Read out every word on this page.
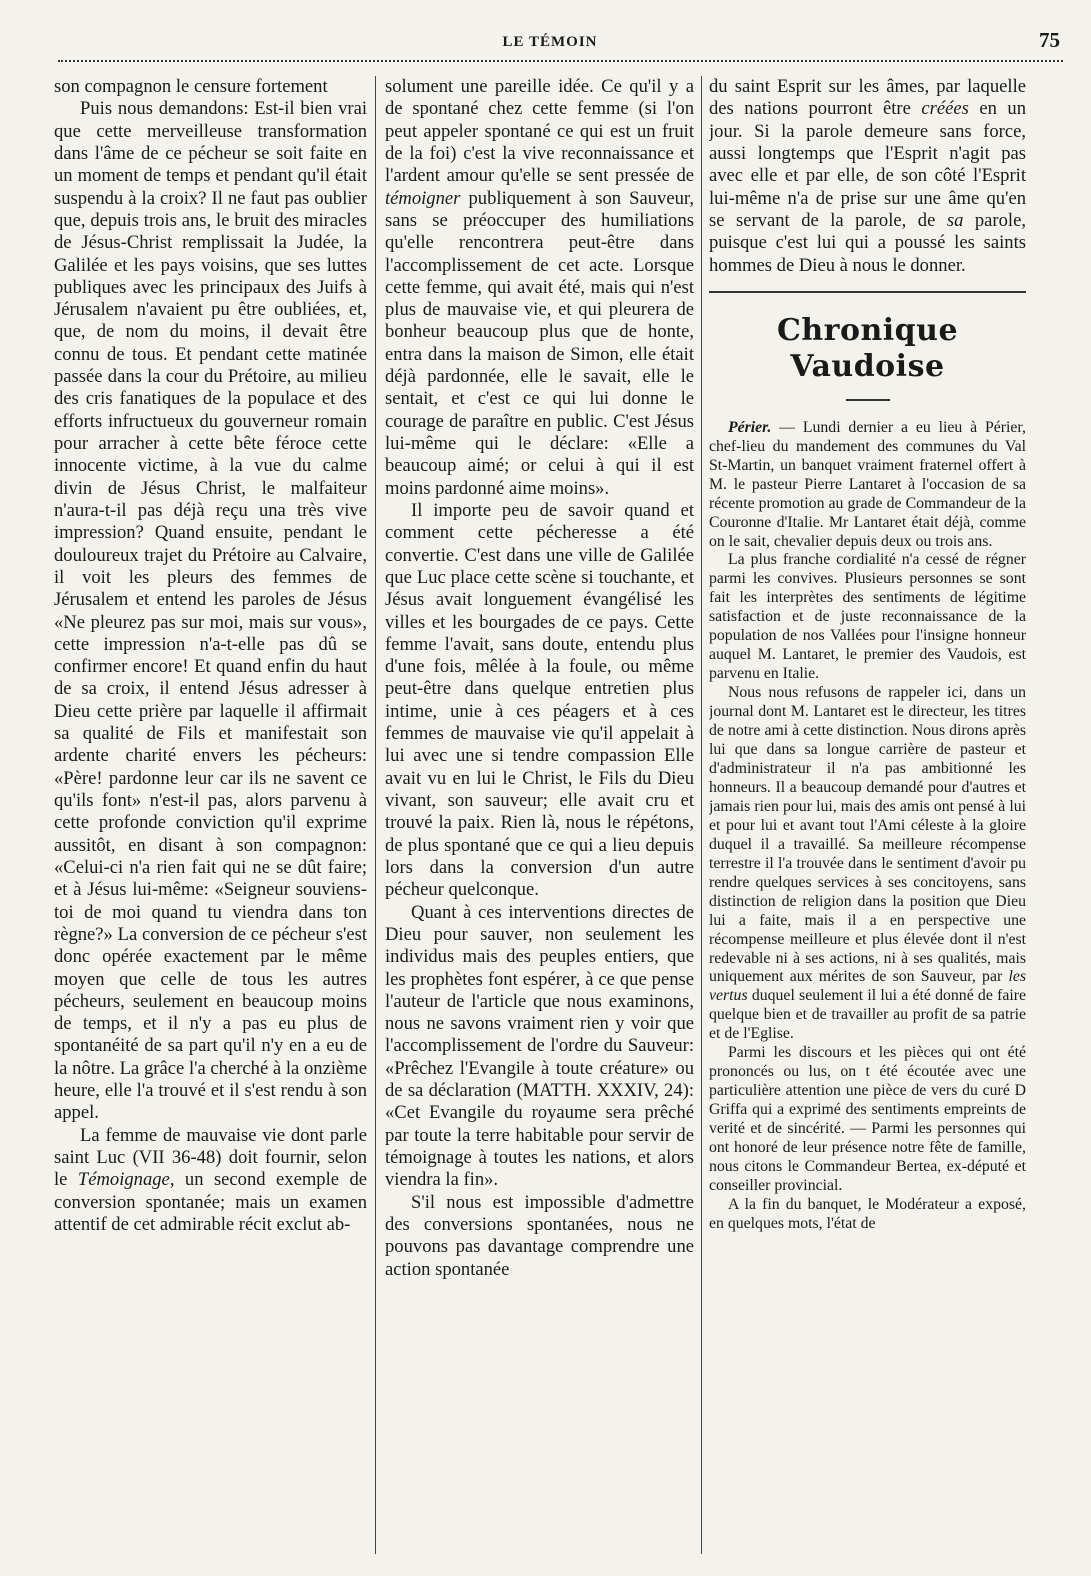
LE TÉMOIN	75

son compagnon le censure fortement

Puis nous demandons: Est-il bien vrai que cette merveilleuse transformation dans l'âme de ce pécheur se soit faite en un moment de temps et pendant qu'il était suspendu à la croix? Il ne faut pas oublier que, depuis trois ans, le bruit des miracles de Jésus-Christ remplissait la Judée, la Galilée et les pays voisins, que ses luttes publiques avec les principaux des Juifs à Jérusalem n'avaient pu être oubliées, et, que, de nom du moins, il devait être connu de tous. Et pendant cette matinée passée dans la cour du Prétoire, au milieu des cris fanatiques de la populace et des efforts infructueux du gouverneur romain pour arracher à cette bête féroce cette innocente victime, à la vue du calme divin de Jésus Christ, le malfaiteur n'aura-t-il pas déjà reçu una très vive impression? Quand ensuite, pendant le douloureux trajet du Prétoire au Calvaire, il voit les pleurs des femmes de Jérusalem et entend les paroles de Jésus «Ne pleurez pas sur moi, mais sur vous», cette impression n'a-t-elle pas dû se confirmer encore! Et quand enfin du haut de sa croix, il entend Jésus adresser à Dieu cette prière par laquelle il affirmait sa qualité de Fils et manifestait son ardente charité envers les pécheurs: «Père! pardonne leur car ils ne savent ce qu'ils font» n'est-il pas, alors parvenu à cette profonde conviction qu'il exprime aussitôt, en disant à son compagnon: «Celui-ci n'a rien fait qui ne se dût faire; et à Jésus lui-même: «Seigneur souviens-toi de moi quand tu viendra dans ton règne?» La conversion de ce pécheur s'est donc opérée exactement par le même moyen que celle de tous les autres pécheurs, seulement en beaucoup moins de temps, et il n'y a pas eu plus de spontanéité de sa part qu'il n'y en a eu de la nôtre. La grâce l'a cherché à la onzième heure, elle l'a trouvé et il s'est rendu à son appel.

La femme de mauvaise vie dont parle saint Luc (VII 36-48) doit fournir, selon le Témoignage, un second exemple de conversion spontanée; mais un examen attentif de cet admirable récit exclut ab-

solument une pareille idée. Ce qu'il y a de spontané chez cette femme (si l'on peut appeler spontané ce qui est un fruit de la foi) c'est la vive reconnaissance et l'ardent amour qu'elle se sent pressée de témoigner publiquement à son Sauveur, sans se préoccuper des humiliations qu'elle rencontrera peut-être dans l'accomplissement de cet acte. Lorsque cette femme, qui avait été, mais qui n'est plus de mauvaise vie, et qui pleurera de bonheur beaucoup plus que de honte, entra dans la maison de Simon, elle était déjà pardonnée, elle le savait, elle le sentait, et c'est ce qui lui donne le courage de paraître en public. C'est Jésus lui-même qui le déclare: «Elle a beaucoup aimé; or celui à qui il est moins pardonné aime moins».

Il importe peu de savoir quand et comment cette pécheresse a été convertie. C'est dans une ville de Galilée que Luc place cette scène si touchante, et Jésus avait longuement évangélisé les villes et les bourgades de ce pays. Cette femme l'avait, sans doute, entendu plus d'une fois, mêlée à la foule, ou même peut-être dans quelque entretien plus intime, unie à ces péagers et à ces femmes de mauvaise vie qu'il appelait à lui avec une si tendre compassion Elle avait vu en lui le Christ, le Fils du Dieu vivant, son sauveur; elle avait cru et trouvé la paix. Rien là, nous le répétons, de plus spontané que ce qui a lieu depuis lors dans la conversion d'un autre pécheur quelconque.

Quant à ces interventions directes de Dieu pour sauver, non seulement les individus mais des peuples entiers, que les prophètes font espérer, à ce que pense l'auteur de l'article que nous examinons, nous ne savons vraiment rien y voir que l'accomplissement de l'ordre du Sauveur: «Prêchez l'Evangile à toute créature» ou de sa déclaration (MATTH. XXXIV, 24): «Cet Evangile du royaume sera prêché par toute la terre habitable pour servir de témoignage à toutes les nations, et alors viendra la fin».

S'il nous est impossible d'admettre des conversions spontanées, nous ne pouvons pas davantage comprendre une action spontanée

du saint Esprit sur les âmes, par laquelle des nations pourront être créées en un jour. Si la parole demeure sans force, aussi longtemps que l'Esprit n'agit pas avec elle et par elle, de son côté l'Esprit lui-même n'a de prise sur une âme qu'en se servant de la parole, de sa parole, puisque c'est lui qui a poussé les saints hommes de Dieu à nous le donner.

Chronique Vaudoise

Périer. — Lundi dernier a eu lieu à Périer, chef-lieu du mandement des communes du Val St-Martin, un banquet vraiment fraternel offert à M. le pasteur Pierre Lantaret à l'occasion de sa récente promotion au grade de Commandeur de la Couronne d'Italie. Mr Lantaret était déjà, comme on le sait, chevalier depuis deux ou trois ans.

La plus franche cordialité n'a cessé de régner parmi les convives. Plusieurs personnes se sont fait les interprètes des sentiments de légitime satisfaction et de juste reconnaissance de la population de nos Vallées pour l'insigne honneur auquel M. Lantaret, le premier des Vaudois, est parvenu en Italie.

Nous nous refusons de rappeler ici, dans un journal dont M. Lantaret est le directeur, les titres de notre ami à cette distinction. Nous dirons après lui que dans sa longue carrière de pasteur et d'administrateur il n'a pas ambitionné les honneurs. Il a beaucoup demandé pour d'autres et jamais rien pour lui, mais des amis ont pensé à lui et pour lui et avant tout l'Ami céleste à la gloire duquel il a travaillé. Sa meilleure récompense terrestre il l'a trouvée dans le sentiment d'avoir pu rendre quelques services à ses concitoyens, sans distinction de religion dans la position que Dieu lui a faite, mais il a en perspective une récompense meilleure et plus élevée dont il n'est redevable ni à ses actions, ni à ses qualités, mais uniquement aux mérites de son Sauveur, par les vertus duquel seulement il lui a été donné de faire quelque bien et de travailler au profit de sa patrie et de l'Eglise.

Parmi les discours et les pièces qui ont été prononcés ou lus, on t été écoutée avec une particulière attention une pièce de vers du curé D Griffa qui a exprimé des sentiments empreints de verité et de sincérité. — Parmi les personnes qui ont honoré de leur présence notre fête de famille, nous citons le Commandeur Bertea, ex-député et conseiller provincial.

A la fin du banquet, le Modérateur a exposé, en quelques mots, l'état de
